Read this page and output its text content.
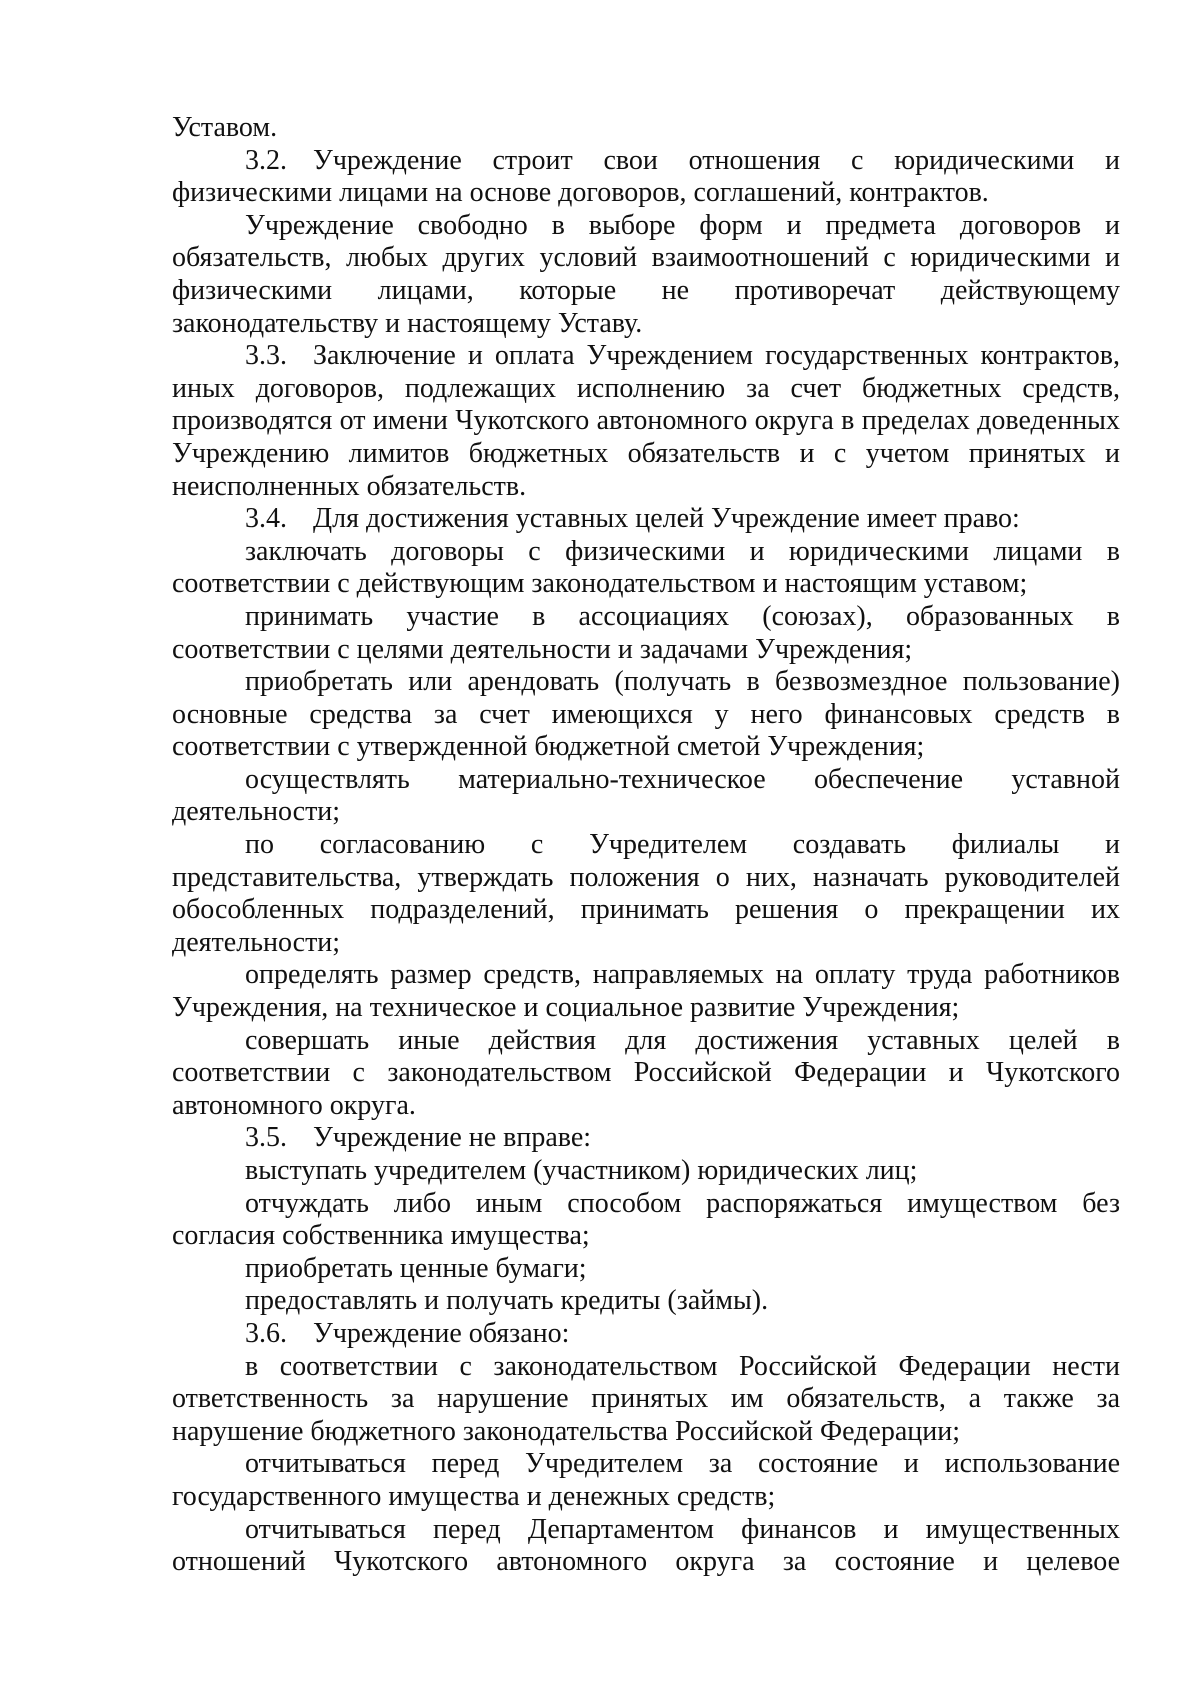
Уставом.

3.2. Учреждение строит свои отношения с юридическими и физическими лицами на основе договоров, соглашений, контрактов.

Учреждение свободно в выборе форм и предмета договоров и обязательств, любых других условий взаимоотношений с юридическими и физическими лицами, которые не противоречат действующему законодательству и настоящему Уставу.

3.3. Заключение и оплата Учреждением государственных контрактов, иных договоров, подлежащих исполнению за счет бюджетных средств, производятся от имени Чукотского автономного округа в пределах доведенных Учреждению лимитов бюджетных обязательств и с учетом принятых и неисполненных обязательств.

3.4. Для достижения уставных целей Учреждение имеет право:

заключать договоры с физическими и юридическими лицами в соответствии с действующим законодательством и настоящим уставом;

принимать участие в ассоциациях (союзах), образованных в соответствии с целями деятельности и задачами Учреждения;

приобретать или арендовать (получать в безвозмездное пользование) основные средства за счет имеющихся у него финансовых средств в соответствии с утвержденной бюджетной сметой Учреждения;

осуществлять материально-техническое обеспечение уставной деятельности;

по согласованию с Учредителем создавать филиалы и представительства, утверждать положения о них, назначать руководителей обособленных подразделений, принимать решения о прекращении их деятельности;

определять размер средств, направляемых на оплату труда работников Учреждения, на техническое и социальное развитие Учреждения;

совершать иные действия для достижения уставных целей в соответствии с законодательством Российской Федерации и Чукотского автономного округа.

3.5. Учреждение не вправе:

выступать учредителем (участником) юридических лиц;

отчуждать либо иным способом распоряжаться имуществом без согласия собственника имущества;

приобретать ценные бумаги;

предоставлять и получать кредиты (займы).

3.6. Учреждение обязано:

в соответствии с законодательством Российской Федерации нести ответственность за нарушение принятых им обязательств, а также за нарушение бюджетного законодательства Российской Федерации;

отчитываться перед Учредителем за состояние и использование государственного имущества и денежных средств;

отчитываться перед Департаментом финансов и имущественных отношений Чукотского автономного округа за состояние и целевое
